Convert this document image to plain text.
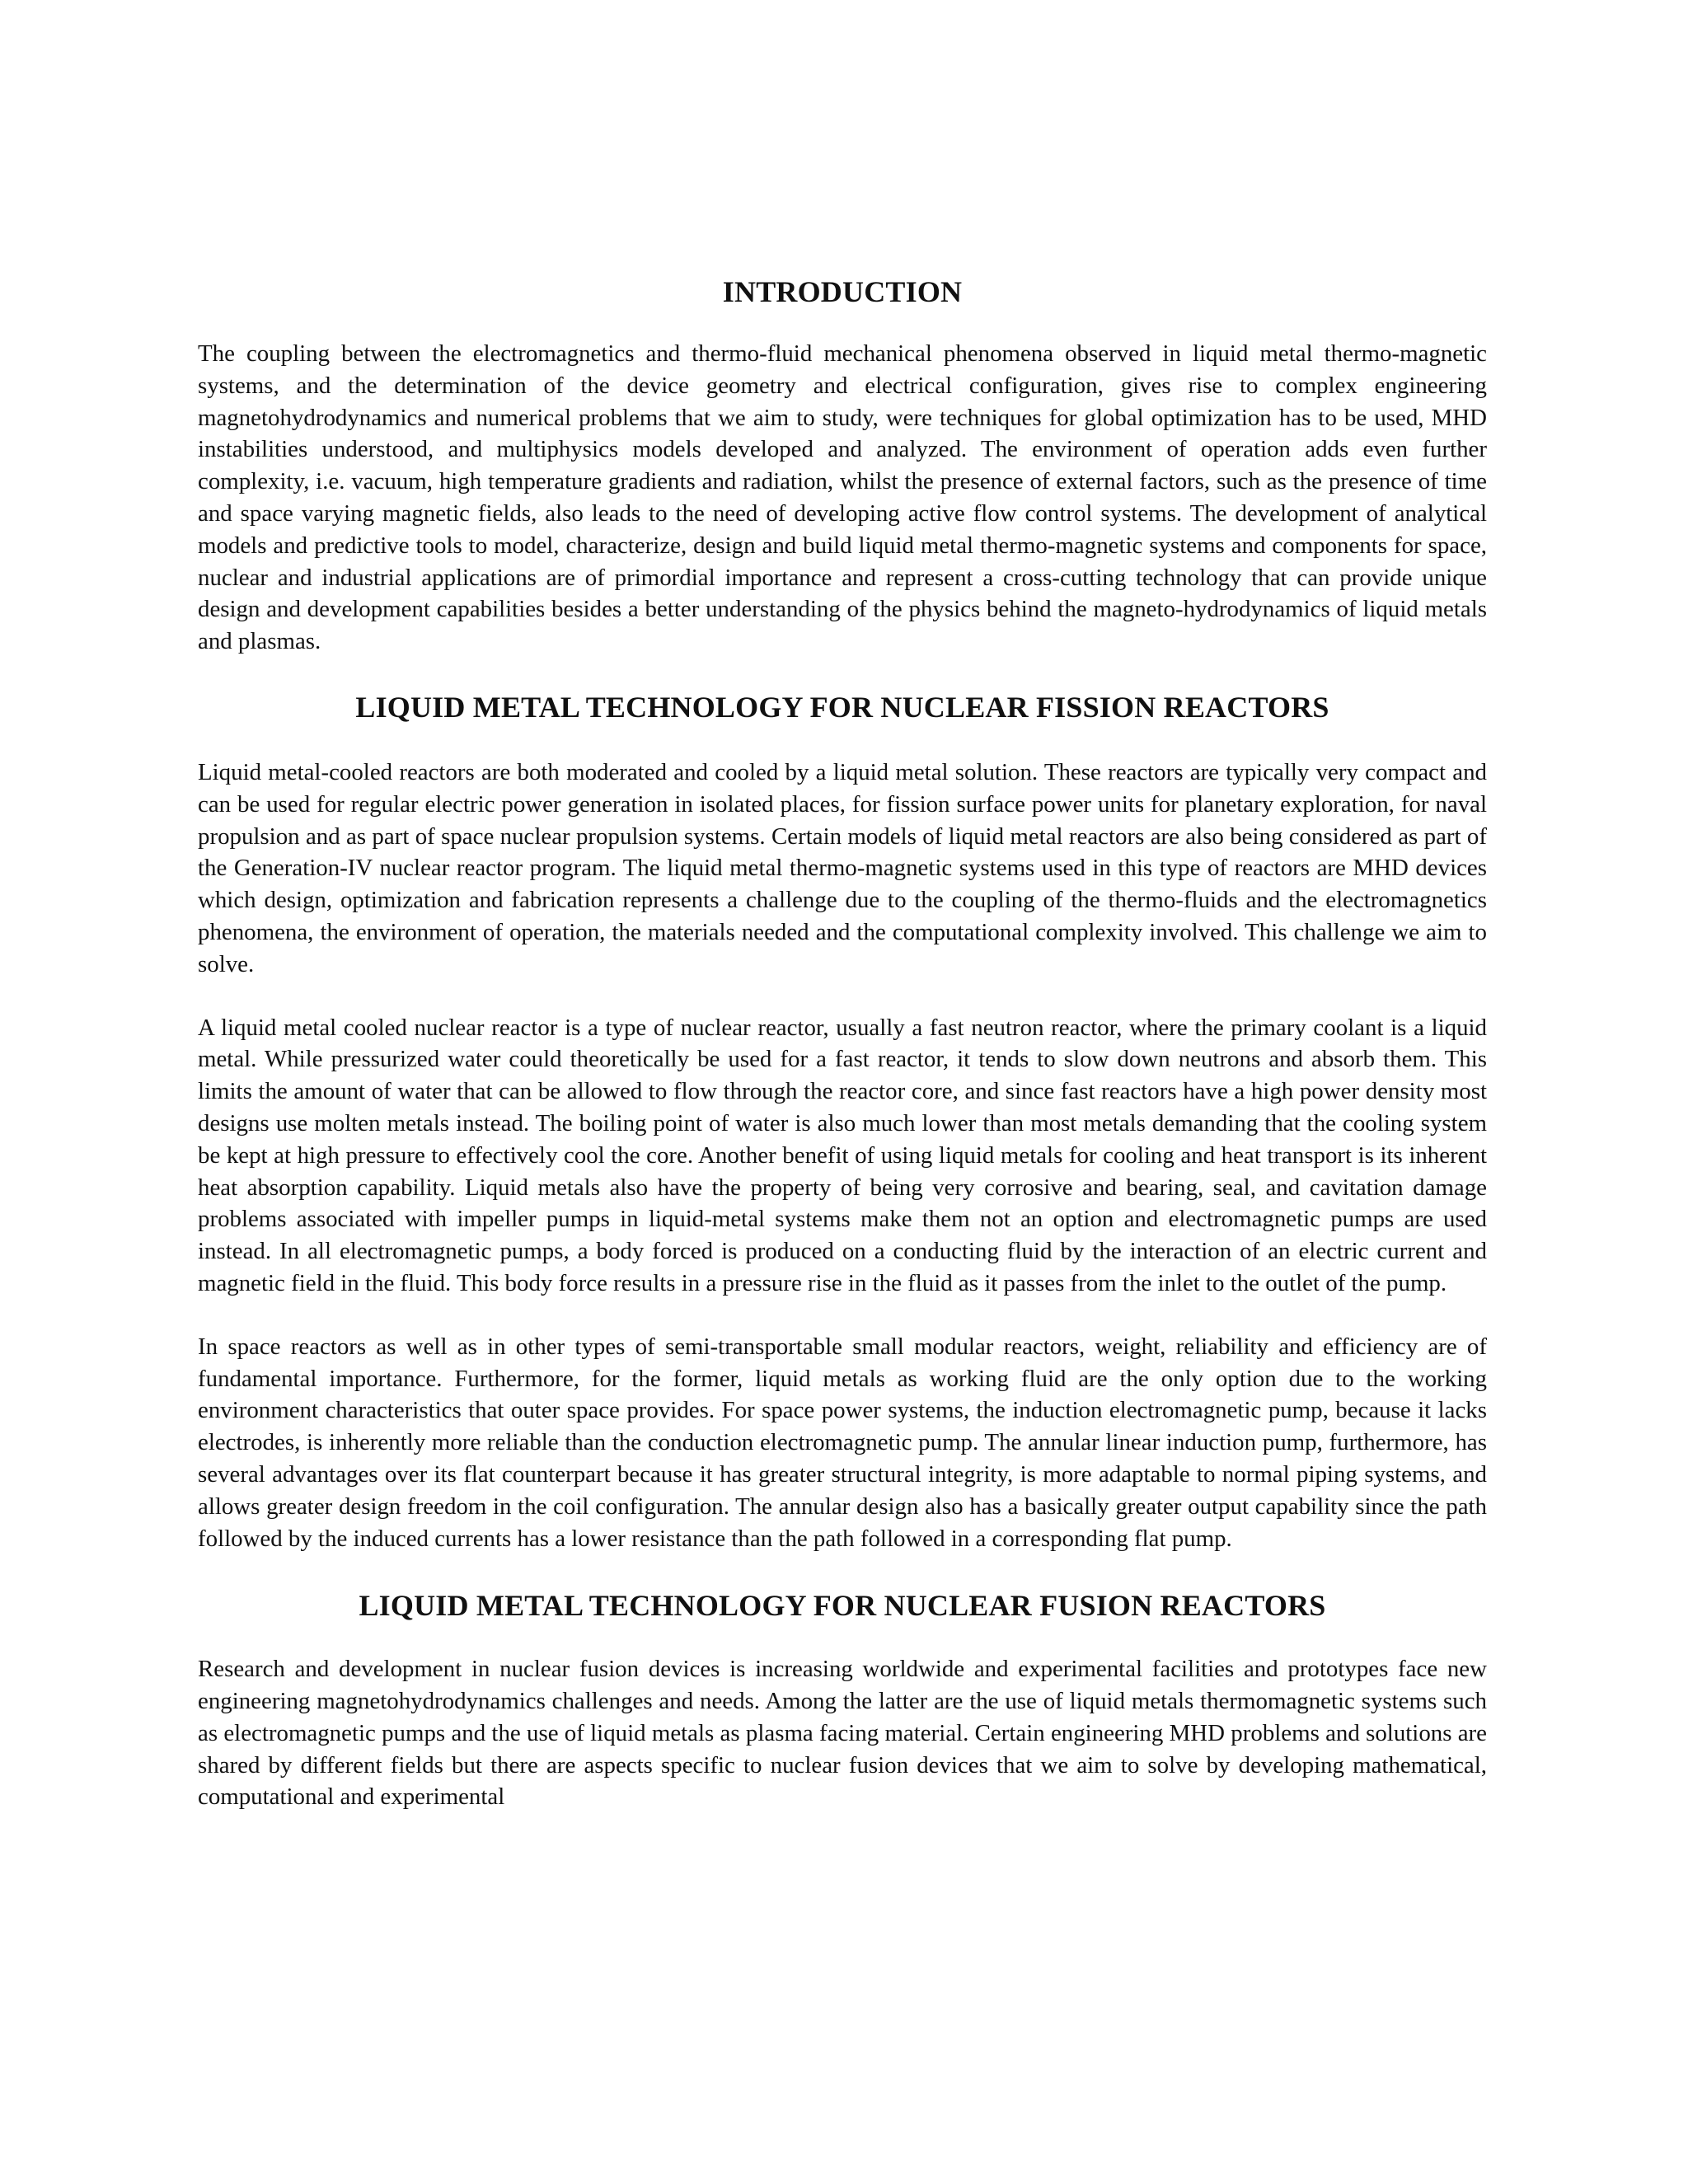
INTRODUCTION

The coupling between the electromagnetics and thermo-fluid mechanical phenomena observed in liquid metal thermo-magnetic systems, and the determination of the device geometry and electrical configuration, gives rise to complex engineering magnetohydrodynamics and numerical problems that we aim to study, were techniques for global optimization has to be used, MHD instabilities understood, and multiphysics models developed and analyzed. The environment of operation adds even further complexity, i.e. vacuum, high temperature gradients and radiation, whilst the presence of external factors, such as the presence of time and space varying magnetic fields, also leads to the need of developing active flow control systems. The development of analytical models and predictive tools to model, characterize, design and build liquid metal thermo-magnetic systems and components for space, nuclear and industrial applications are of primordial importance and represent a cross-cutting technology that can provide unique design and development capabilities besides a better understanding of the physics behind the magneto-hydrodynamics of liquid metals and plasmas.

LIQUID METAL TECHNOLOGY FOR NUCLEAR FISSION REACTORS

Liquid metal-cooled reactors are both moderated and cooled by a liquid metal solution. These reactors are typically very compact and can be used for regular electric power generation in isolated places, for fission surface power units for planetary exploration, for naval propulsion and as part of space nuclear propulsion systems. Certain models of liquid metal reactors are also being considered as part of the Generation-IV nuclear reactor program. The liquid metal thermo-magnetic systems used in this type of reactors are MHD devices which design, optimization and fabrication represents a challenge due to the coupling of the thermo-fluids and the electromagnetics phenomena, the environment of operation, the materials needed and the computational complexity involved. This challenge we aim to solve.

A liquid metal cooled nuclear reactor is a type of nuclear reactor, usually a fast neutron reactor, where the primary coolant is a liquid metal. While pressurized water could theoretically be used for a fast reactor, it tends to slow down neutrons and absorb them. This limits the amount of water that can be allowed to flow through the reactor core, and since fast reactors have a high power density most designs use molten metals instead. The boiling point of water is also much lower than most metals demanding that the cooling system be kept at high pressure to effectively cool the core. Another benefit of using liquid metals for cooling and heat transport is its inherent heat absorption capability. Liquid metals also have the property of being very corrosive and bearing, seal, and cavitation damage problems associated with impeller pumps in liquid-metal systems make them not an option and electromagnetic pumps are used instead. In all electromagnetic pumps, a body forced is produced on a conducting fluid by the interaction of an electric current and magnetic field in the fluid. This body force results in a pressure rise in the fluid as it passes from the inlet to the outlet of the pump.

In space reactors as well as in other types of semi-transportable small modular reactors, weight, reliability and efficiency are of fundamental importance. Furthermore, for the former, liquid metals as working fluid are the only option due to the working environment characteristics that outer space provides. For space power systems, the induction electromagnetic pump, because it lacks electrodes, is inherently more reliable than the conduction electromagnetic pump. The annular linear induction pump, furthermore, has several advantages over its flat counterpart because it has greater structural integrity, is more adaptable to normal piping systems, and allows greater design freedom in the coil configuration. The annular design also has a basically greater output capability since the path followed by the induced currents has a lower resistance than the path followed in a corresponding flat pump.

LIQUID METAL TECHNOLOGY FOR NUCLEAR FUSION REACTORS

Research and development in nuclear fusion devices is increasing worldwide and experimental facilities and prototypes face new engineering magnetohydrodynamics challenges and needs. Among the latter are the use of liquid metals thermomagnetic systems such as electromagnetic pumps and the use of liquid metals as plasma facing material. Certain engineering MHD problems and solutions are shared by different fields but there are aspects specific to nuclear fusion devices that we aim to solve by developing mathematical, computational and experimental
